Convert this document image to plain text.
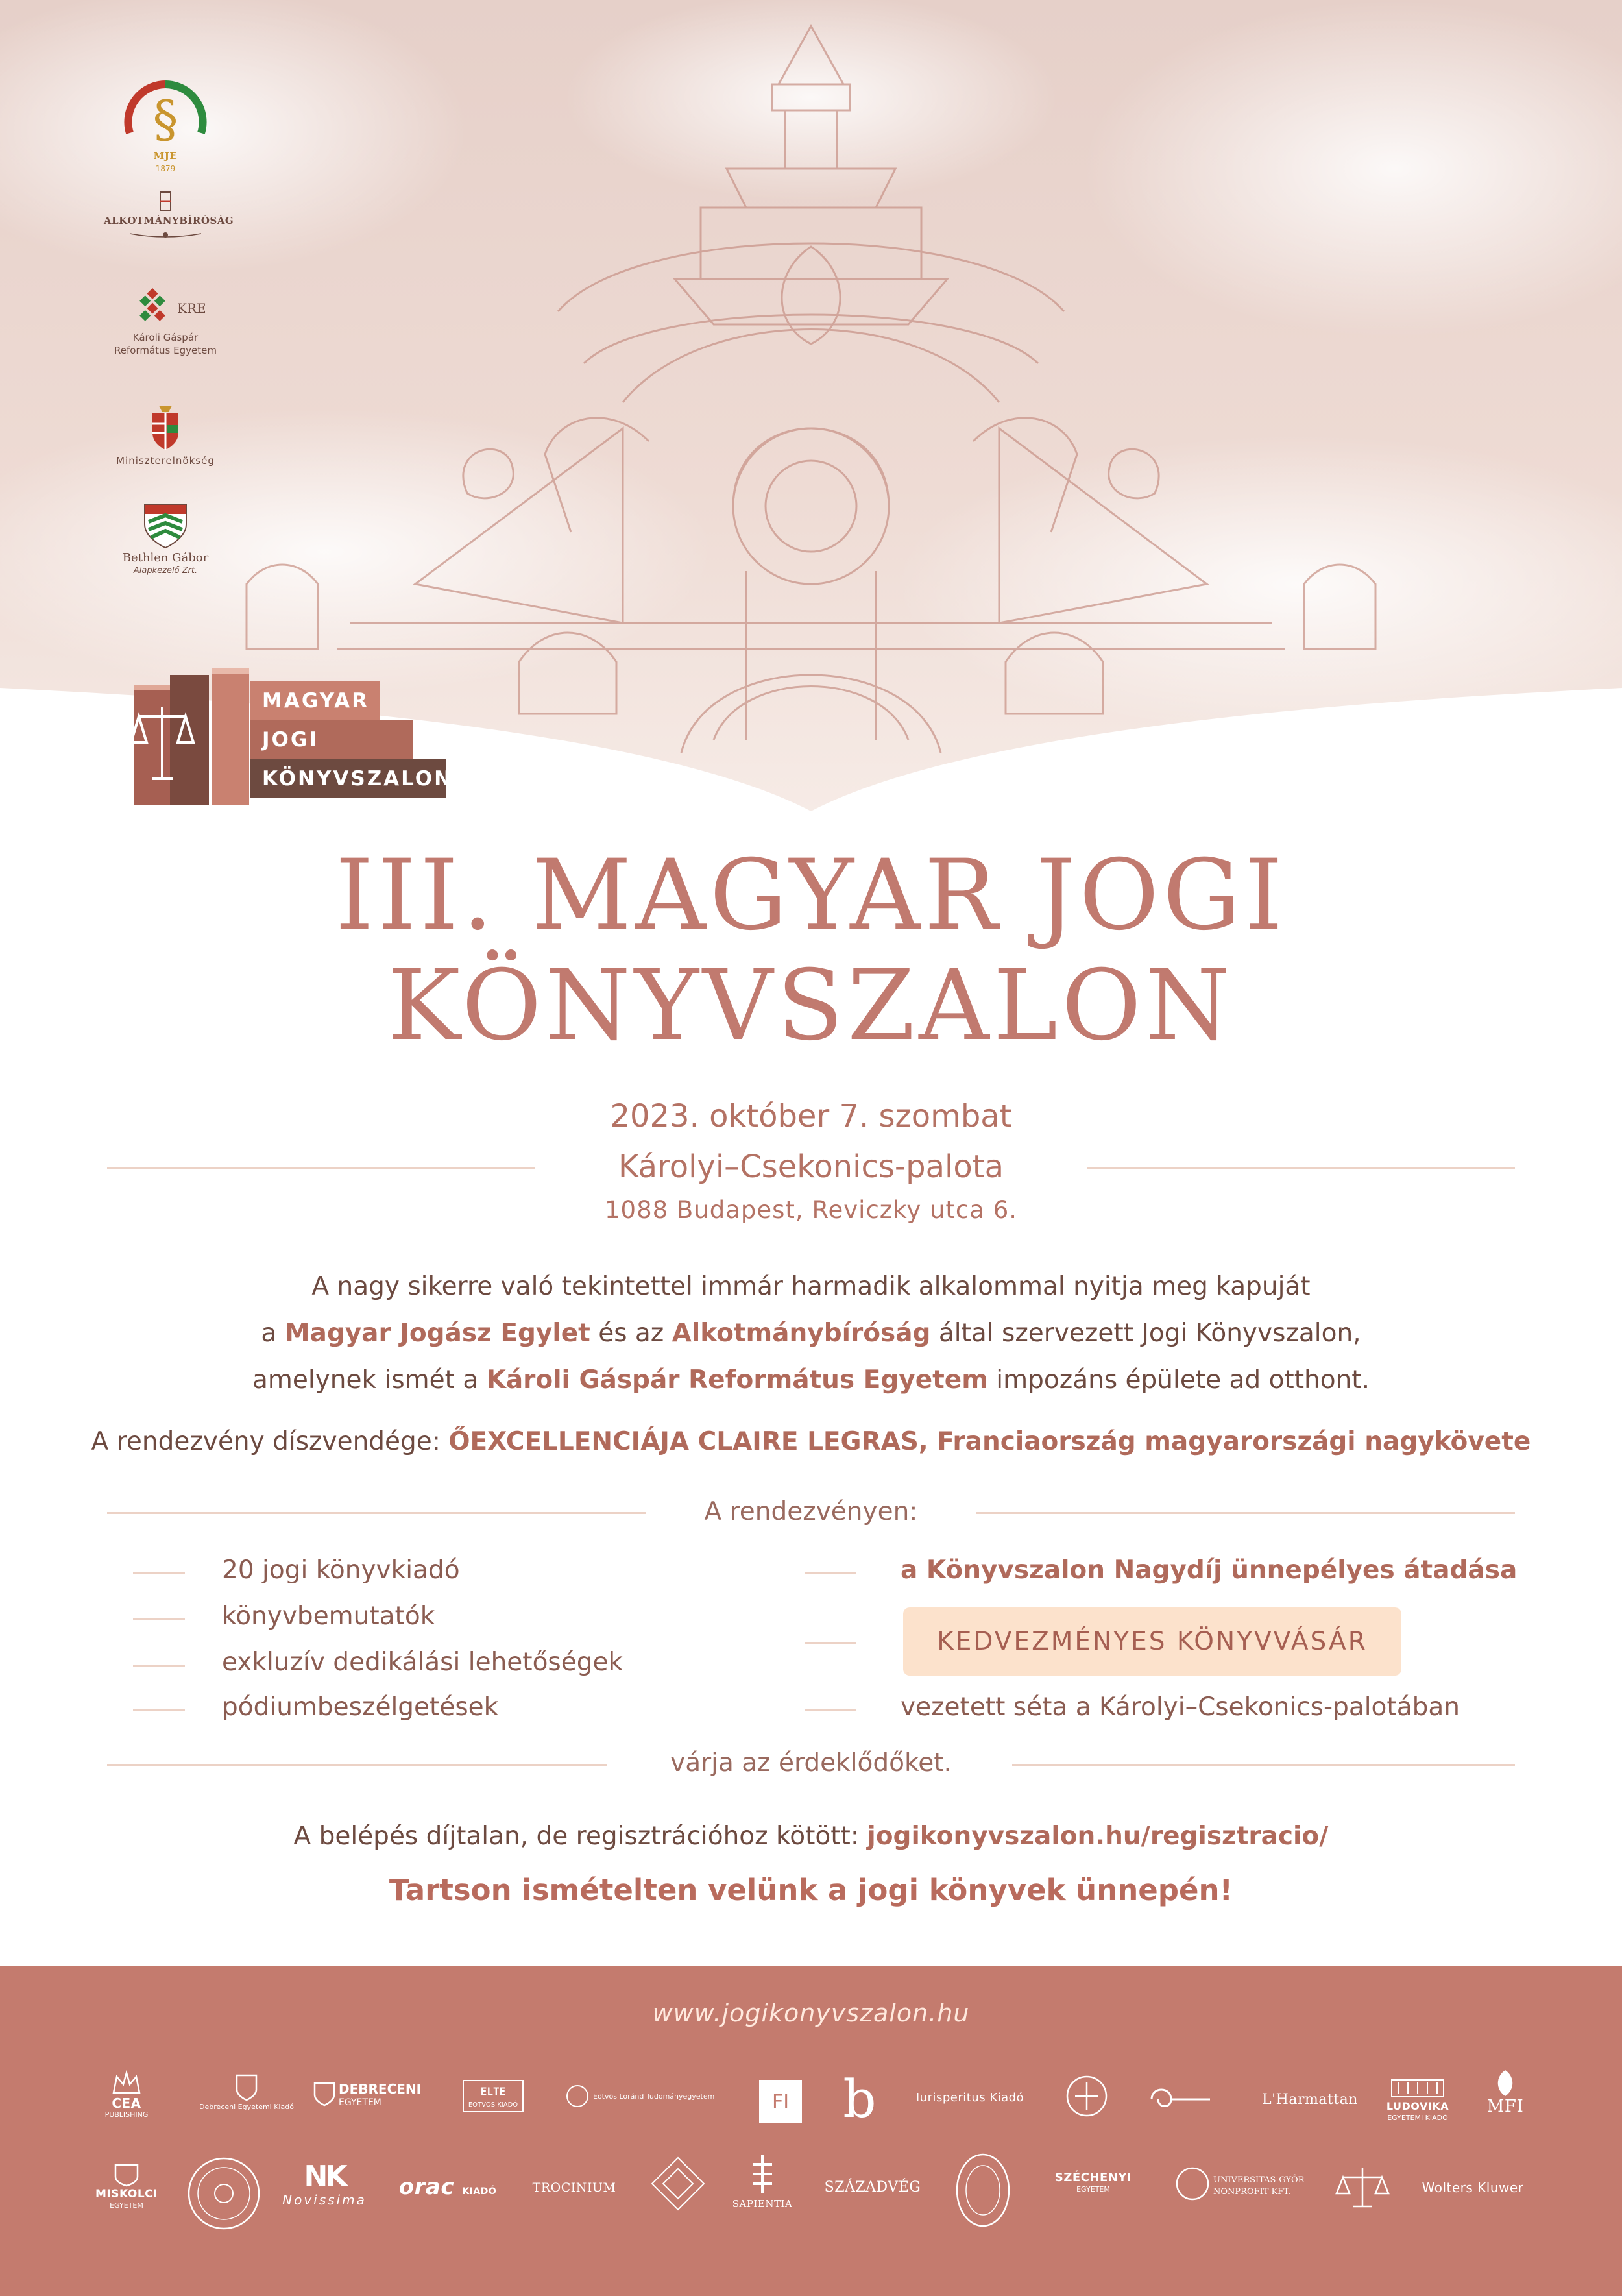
§
MJE
1879
ALKOTMÁNYBÍRÓSÁG
KRE
Károli Gáspár
Református Egyetem
Miniszterelnökség
Bethlen Gábor
Alapkezelő Zrt.
MAGYAR
JOGI
KÖNYVSZALON
III. MAGYAR JOGI
KÖNYVSZALON
2023. október 7. szombat
Károlyi–Csekonics-palota
1088 Budapest, Reviczky utca 6.
A nagy sikerre való tekintettel immár harmadik alkalommal nyitja meg kapuját
a Magyar Jogász Egylet és az Alkotmánybíróság által szervezett Jogi Könyvszalon,
amelynek ismét a Károli Gáspár Református Egyetem impozáns épülete ad otthont.
A rendezvény díszvendége: ŐEXCELLENCIÁJA CLAIRE LEGRAS, Franciaország magyarországi nagykövete
A rendezvényen:
20 jogi könyvkiadó
könyvbemutatók
exkluzív dedikálási lehetőségek
pódiumbeszélgetések
a Könyvszalon Nagydíj ünnepélyes átadása
KEDVEZMÉNYES KÖNYVVÁSÁR
vezetett séta a Károlyi–Csekonics-palotában
várja az érdeklődőket.
A belépés díjtalan, de regisztrációhoz kötött: jogikonyvszalon.hu/regisztracio/
Tartson ismételten velünk a jogi könyvek ünnepén!
www.jogikonyvszalon.hu
CEA
PUBLISHING
Debreceni Egyetemi Kiadó
DEBRECENI
EGYETEM
ELTE
EÖTVÖS KIADÓ
Eötvös Loránd Tudományegyetem	FI b	Iurisperitus Kiadó	L'Harmattan	LUDOVIKA
EGYETEMI KIADÓ
MFI
MISKOLCI
EGYETEM
NK
Novissima	orac KIADÓ	TROCINIUM
SAPIENTIA
SZÁZADVÉG
SZÉCHENYI
EGYETEM
UNIVERSITAS-GYŐR
NONPROFIT KFT.	Wolters Kluwer
